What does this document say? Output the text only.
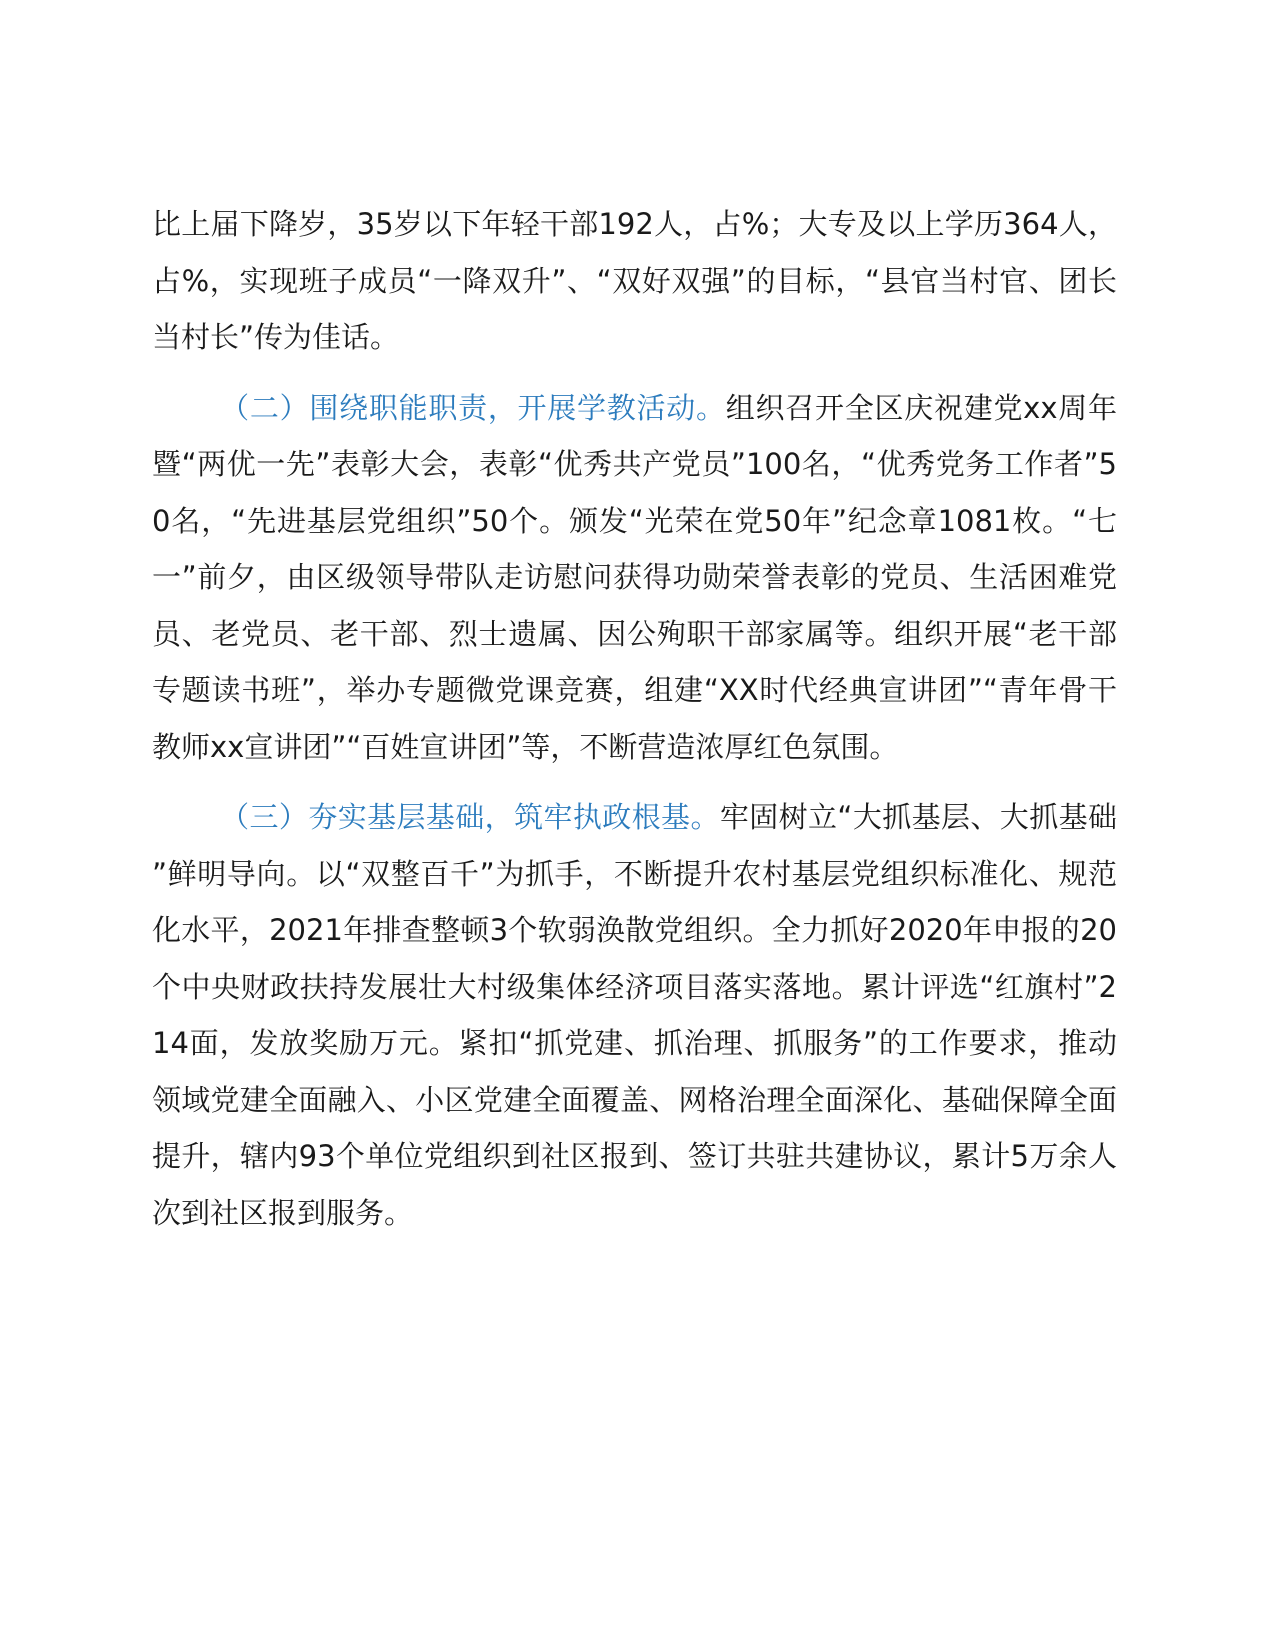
比上届下降岁，35岁以下年轻干部192人，占%；大专及以上学历364人，占%，实现班子成员“一降双升”、“双好双强”的目标，“县官当村官、团长当村长”传为佳话。

（二）围绕职能职责，开展学教活动。组织召开全区庆祝建党xx周年暨“两优一先”表彰大会，表彰“优秀共产党员”100名，“优秀党务工作者”50名，“先进基层党组织”50个。颁发“光荣在党50年”纪念章1081枚。“七一”前夕，由区级领导带队走访慰问获得功勋荣誉表彰的党员、生活困难党员、老党员、老干部、烈士遗属、因公殉职干部家属等。组织开展“老干部专题读书班”，举办专题微党课竞赛，组建“XX时代经典宣讲团”“青年骨干教师xx宣讲团”“百姓宣讲团”等，不断营造浓厚红色氛围。

（三）夯实基层基础，筑牢执政根基。牢固树立“大抓基层、大抓基础”鲜明导向。以“双整百千”为抓手，不断提升农村基层党组织标准化、规范化水平，2021年排查整顿3个软弱涣散党组织。全力抓好2020年申报的20个中央财政扶持发展壮大村级集体经济项目落实落地。累计评选“红旗村”214面，发放奖励万元。紧扣“抓党建、抓治理、抓服务”的工作要求，推动领域党建全面融入、小区党建全面覆盖、网格治理全面深化、基础保障全面提升，辖内93个单位党组织到社区报到、签订共驻共建协议，累计5万余人次到社区报到服务。
